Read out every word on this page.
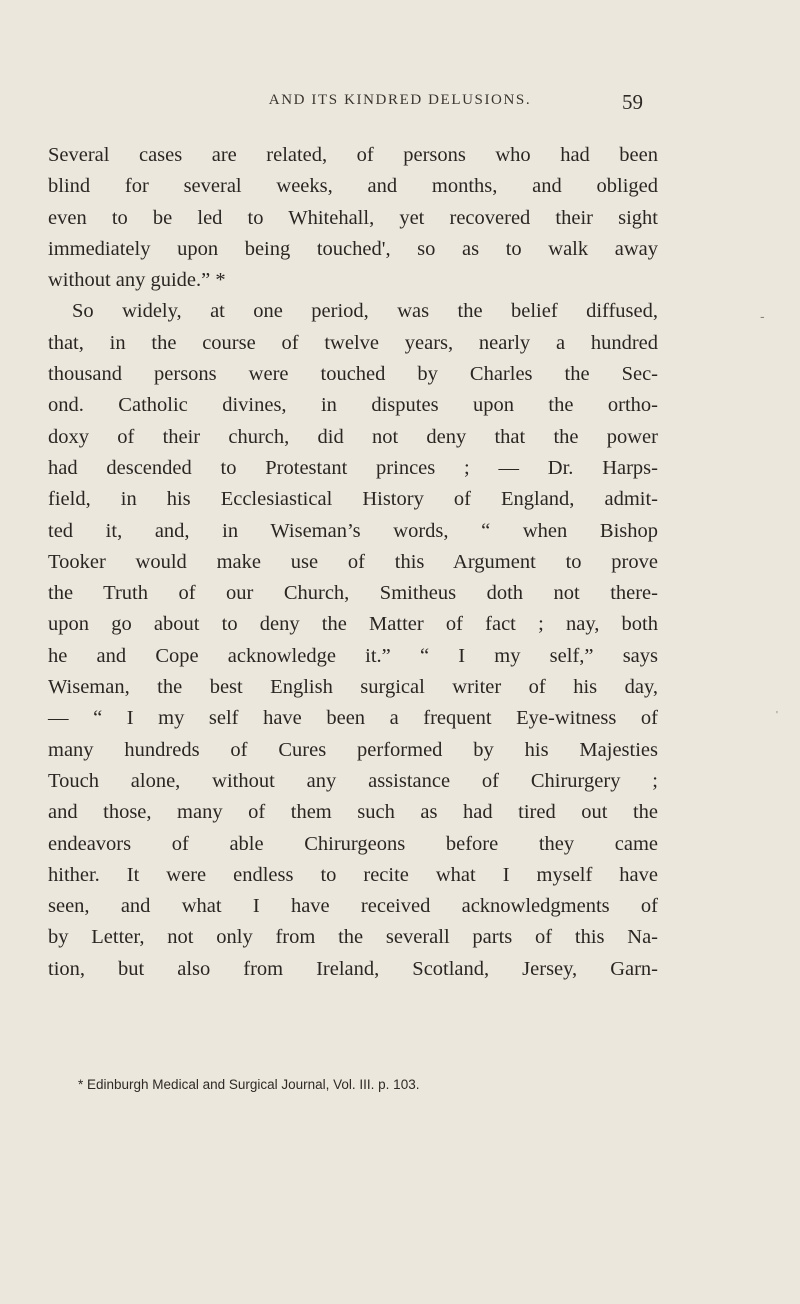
AND ITS KINDRED DELUSIONS.	59
Several cases are related, of persons who had been
blind for several weeks, and months, and obliged
even to be led to Whitehall, yet recovered their sight
immediately upon being touched', so as to walk away
without any guide.” *
So widely, at one period, was the belief diffused,
that, in the course of twelve years, nearly a hundred
thousand persons were touched by Charles the Sec-
ond. Catholic divines, in disputes upon the ortho-
doxy of their church, did not deny that the power
had descended to Protestant princes ; — Dr. Harps-
field, in his Ecclesiastical History of England, admit-
ted it, and, in Wiseman’s words, “ when Bishop
Tooker would make use of this Argument to prove
the Truth of our Church, Smitheus doth not there-
upon go about to deny the Matter of fact ; nay, both
he and Cope acknowledge it.” “ I my self,” says
Wiseman, the best English surgical writer of his day,
— “ I my self have been a frequent Eye-witness of
many hundreds of Cures performed by his Majesties
Touch alone, without any assistance of Chirurgery ;
and those, many of them such as had tired out the
endeavors of able Chirurgeons before they came
hither. It were endless to recite what I myself have
seen, and what I have received acknowledgments of
by Letter, not only from the severall parts of this Na-
tion, but also from Ireland, Scotland, Jersey, Garn-
* Edinburgh Medical and Surgical Journal, Vol. III. p. 103.
-
'
